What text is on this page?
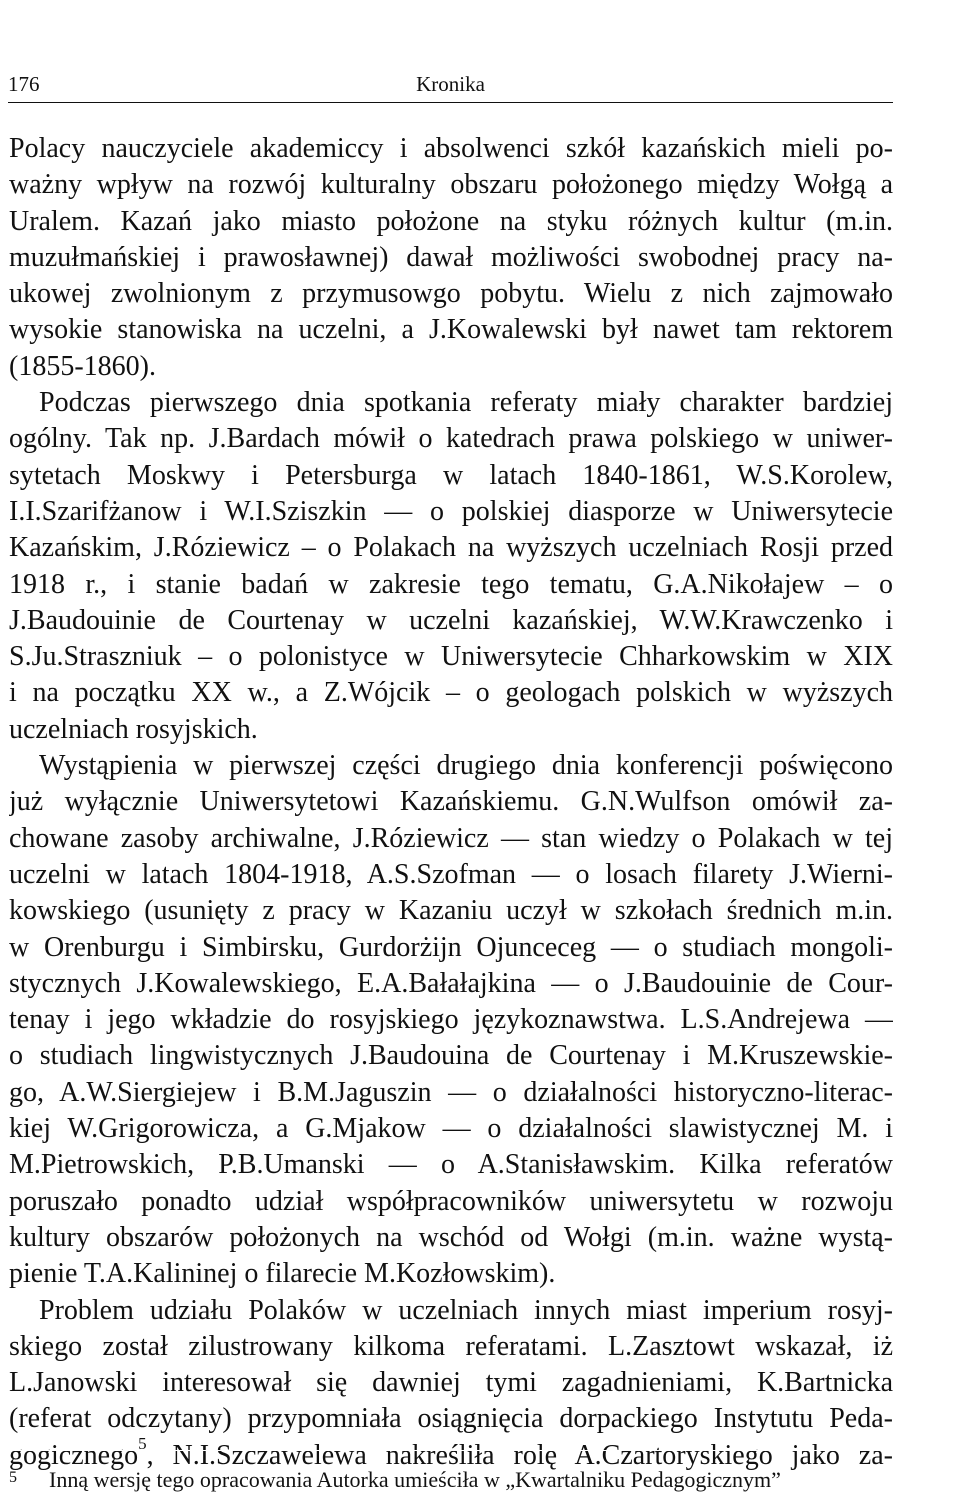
176	Kronika
Polacy nauczyciele akademiccy i absolwenci szkół kazańskich mieli po-
ważny wpływ na rozwój kulturalny obszaru położonego między Wołgą a
Uralem. Kazań jako miasto położone na styku różnych kultur (m.in.
muzułmańskiej i prawosławnej) dawał możliwości swobodnej pracy na-
ukowej zwolnionym z przymusowgo pobytu. Wielu z nich zajmowało
wysokie stanowiska na uczelni, a J.Kowalewski był nawet tam rektorem
(1855-1860).
Podczas pierwszego dnia spotkania referaty miały charakter bardziej
ogólny. Tak np. J.Bardach mówił o katedrach prawa polskiego w uniwer-
sytetach Moskwy i Petersburga w latach 1840-1861, W.S.Korolew,
I.I.Szarifżanow i W.I.Sziszkin — o polskiej diasporze w Uniwersytecie
Kazańskim, J.Róziewicz – o Polakach na wyższych uczelniach Rosji przed
1918 r., i stanie badań w zakresie tego tematu, G.A.Nikołajew – o
J.Baudouinie de Courtenay w uczelni kazańskiej, W.W.Krawczenko i
S.Ju.Straszniuk – o polonistyce w Uniwersytecie Chharkowskim w XIX
i na początku XX w., a Z.Wójcik – o geologach polskich w wyższych
uczelniach rosyjskich.
Wystąpienia w pierwszej części drugiego dnia konferencji poświęcono
już wyłącznie Uniwersytetowi Kazańskiemu. G.N.Wulfson omówił za-
chowane zasoby archiwalne, J.Róziewicz — stan wiedzy o Polakach w tej
uczelni w latach 1804-1918, A.S.Szofman — o losach filarety J.Wierni-
kowskiego (usunięty z pracy w Kazaniu uczył w szkołach średnich m.in.
w Orenburgu i Simbirsku, Gurdorżijn Ojunceceg — o studiach mongoli-
stycznych J.Kowalewskiego, E.A.Bałałajkina — o J.Baudouinie de Cour-
tenay i jego wkładzie do rosyjskiego językoznawstwa. L.S.Andrejewa —
o studiach lingwistycznych J.Baudouina de Courtenay i M.Kruszewskie-
go, A.W.Siergiejew i B.M.Jaguszin — o działalności historyczno-literac-
kiej W.Grigorowicza, a G.Mjakow — o działalności slawistycznej M. i
M.Pietrowskich, P.B.Umanski — o A.Stanisławskim. Kilka referatów
poruszało ponadto udział współpracowników uniwersytetu w rozwoju
kultury obszarów położonych na wschód od Wołgi (m.in. ważne wystą-
pienie T.A.Kalininej o filarecie M.Kozłowskim).
Problem udziału Polaków w uczelniach innych miast imperium rosyj-
skiego został zilustrowany kilkoma referatami. L.Zasztowt wskazał, iż
L.Janowski interesował się dawniej tymi zagadnieniami, K.Bartnicka
(referat odczytany) przypomniała osiągnięcia dorpackiego Instytutu Peda-
gogicznego$^5$, N.I.Szczawelewa nakreśliła rolę A.Czartoryskiego jako za-
5 Inną wersję tego opracowania Autorka umieściła w „Kwartalniku Pedagogicznym”
